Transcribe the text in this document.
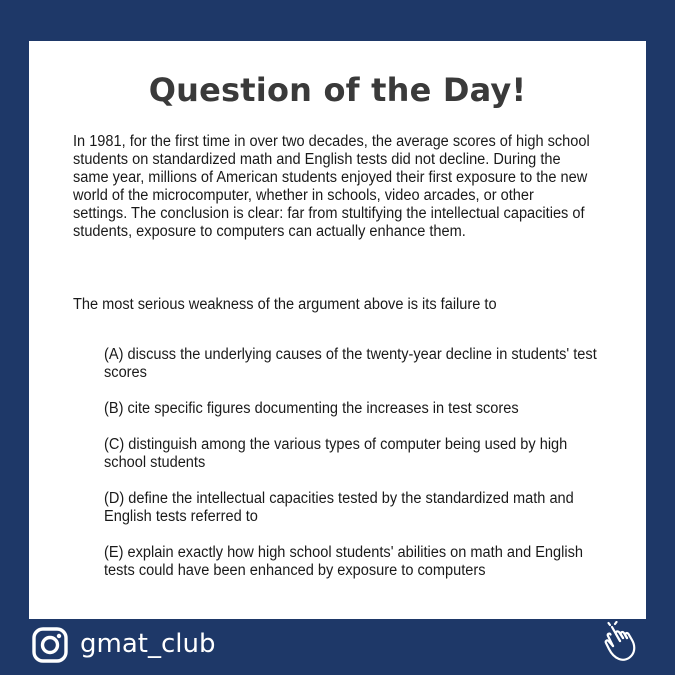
Question of the Day!

In 1981, for the first time in over two decades, the average scores of high school students on standardized math and English tests did not decline. During the same year, millions of American students enjoyed their first exposure to the new world of the microcomputer, whether in schools, video arcades, or other settings. The conclusion is clear: far from stultifying the intellectual capacities of students, exposure to computers can actually enhance them.

The most serious weakness of the argument above is its failure to

(A) discuss the underlying causes of the twenty-year decline in students' test scores
(B) cite specific figures documenting the increases in test scores
(C) distinguish among the various types of computer being used by high school students
(D) define the intellectual capacities tested by the standardized math and English tests referred to
(E) explain exactly how high school students' abilities on math and English tests could have been enhanced by exposure to computers
gmat_club
